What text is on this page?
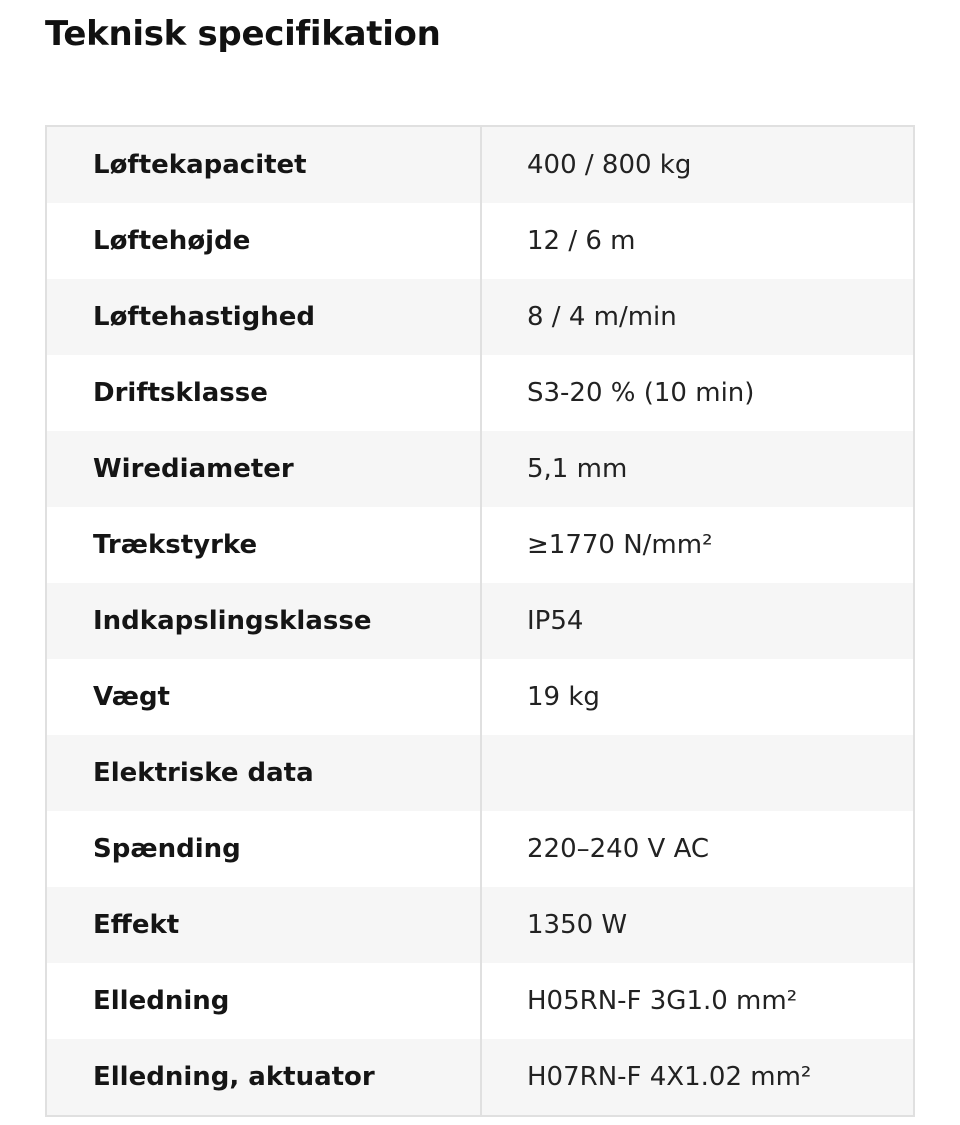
Teknisk specifikation
Løftekapacitet	400 / 800 kg
Løftehøjde	12 / 6 m
Løftehastighed	8 / 4 m/min
Driftsklasse	S3-20 % (10 min)
Wirediameter	5,1 mm
Trækstyrke	≥1770 N/mm²
Indkapslingsklasse	IP54
Vægt	19 kg
Elektriske data	
Spænding	220–240 V AC
Effekt	1350 W
Elledning	H05RN-F 3G1.0 mm²
Elledning, aktuator	H07RN-F 4X1.02 mm²
